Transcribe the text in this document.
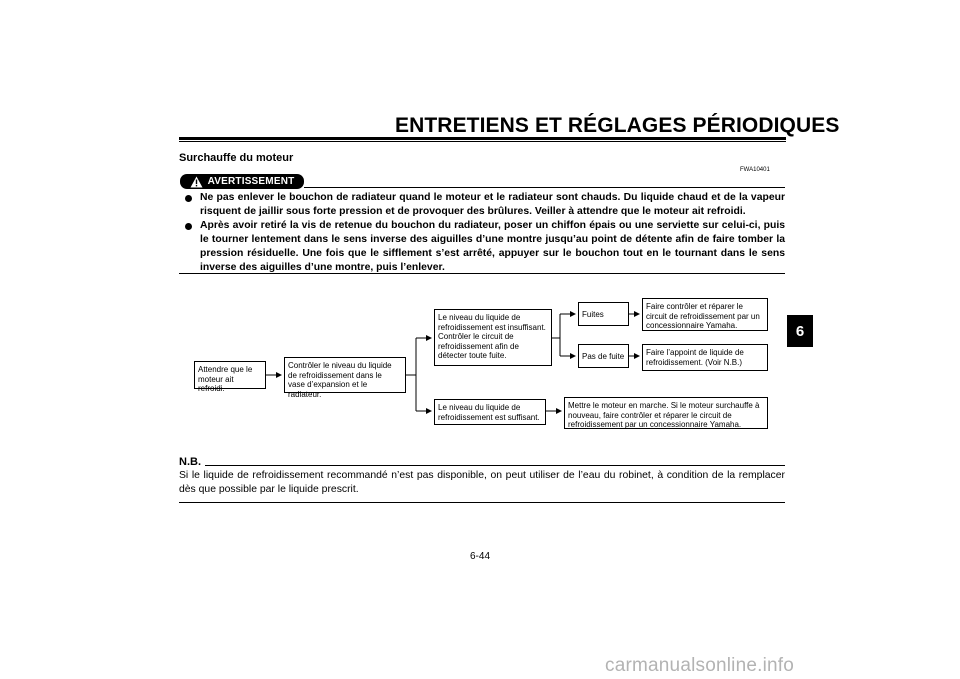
ENTRETIENS ET RÉGLAGES PÉRIODIQUES
6
Surchauffe du moteur
FWA10401
AVERTISSEMENT
Ne pas enlever le bouchon de radiateur quand le moteur et le radiateur sont chauds. Du liquide chaud et de la vapeur risquent de jaillir sous forte pression et de provoquer des brûlures. Veiller à attendre que le moteur ait refroidi.
Après avoir retiré la vis de retenue du bouchon du radiateur, poser un chiffon épais ou une serviette sur celui-ci, puis le tourner lentement dans le sens inverse des aiguilles d’une montre jusqu’au point de détente afin de faire tomber la pression résiduelle. Une fois que le sifflement s’est arrêté, appuyer sur le bouchon tout en le tournant dans le sens inverse des aiguilles d’une montre, puis l’enlever.
Attendre que le
moteur ait refroidi.
Contrôler le niveau du liquide
de refroidissement dans le
vase d’expansion et le radiateur.
Le niveau du liquide de
refroidissement est insuffisant.
Contrôler le circuit de
refroidissement afin de
détecter toute fuite.
Le niveau du liquide de
refroidissement est suffisant.
Fuites
Pas de fuite
Faire contrôler et réparer le
circuit de refroidissement par un
concessionnaire Yamaha.
Faire l’appoint de liquide de
refroidissement. (Voir N.B.)
Mettre le moteur en marche. Si le moteur surchauffe à
nouveau, faire contrôler et réparer le circuit de
refroidissement par un concessionnaire Yamaha.
N.B.
Si le liquide de refroidissement recommandé n’est pas disponible, on peut utiliser de l’eau du robinet, à condition de la remplacer dès que possible par le liquide prescrit.
6-44
carmanualsonline.info
